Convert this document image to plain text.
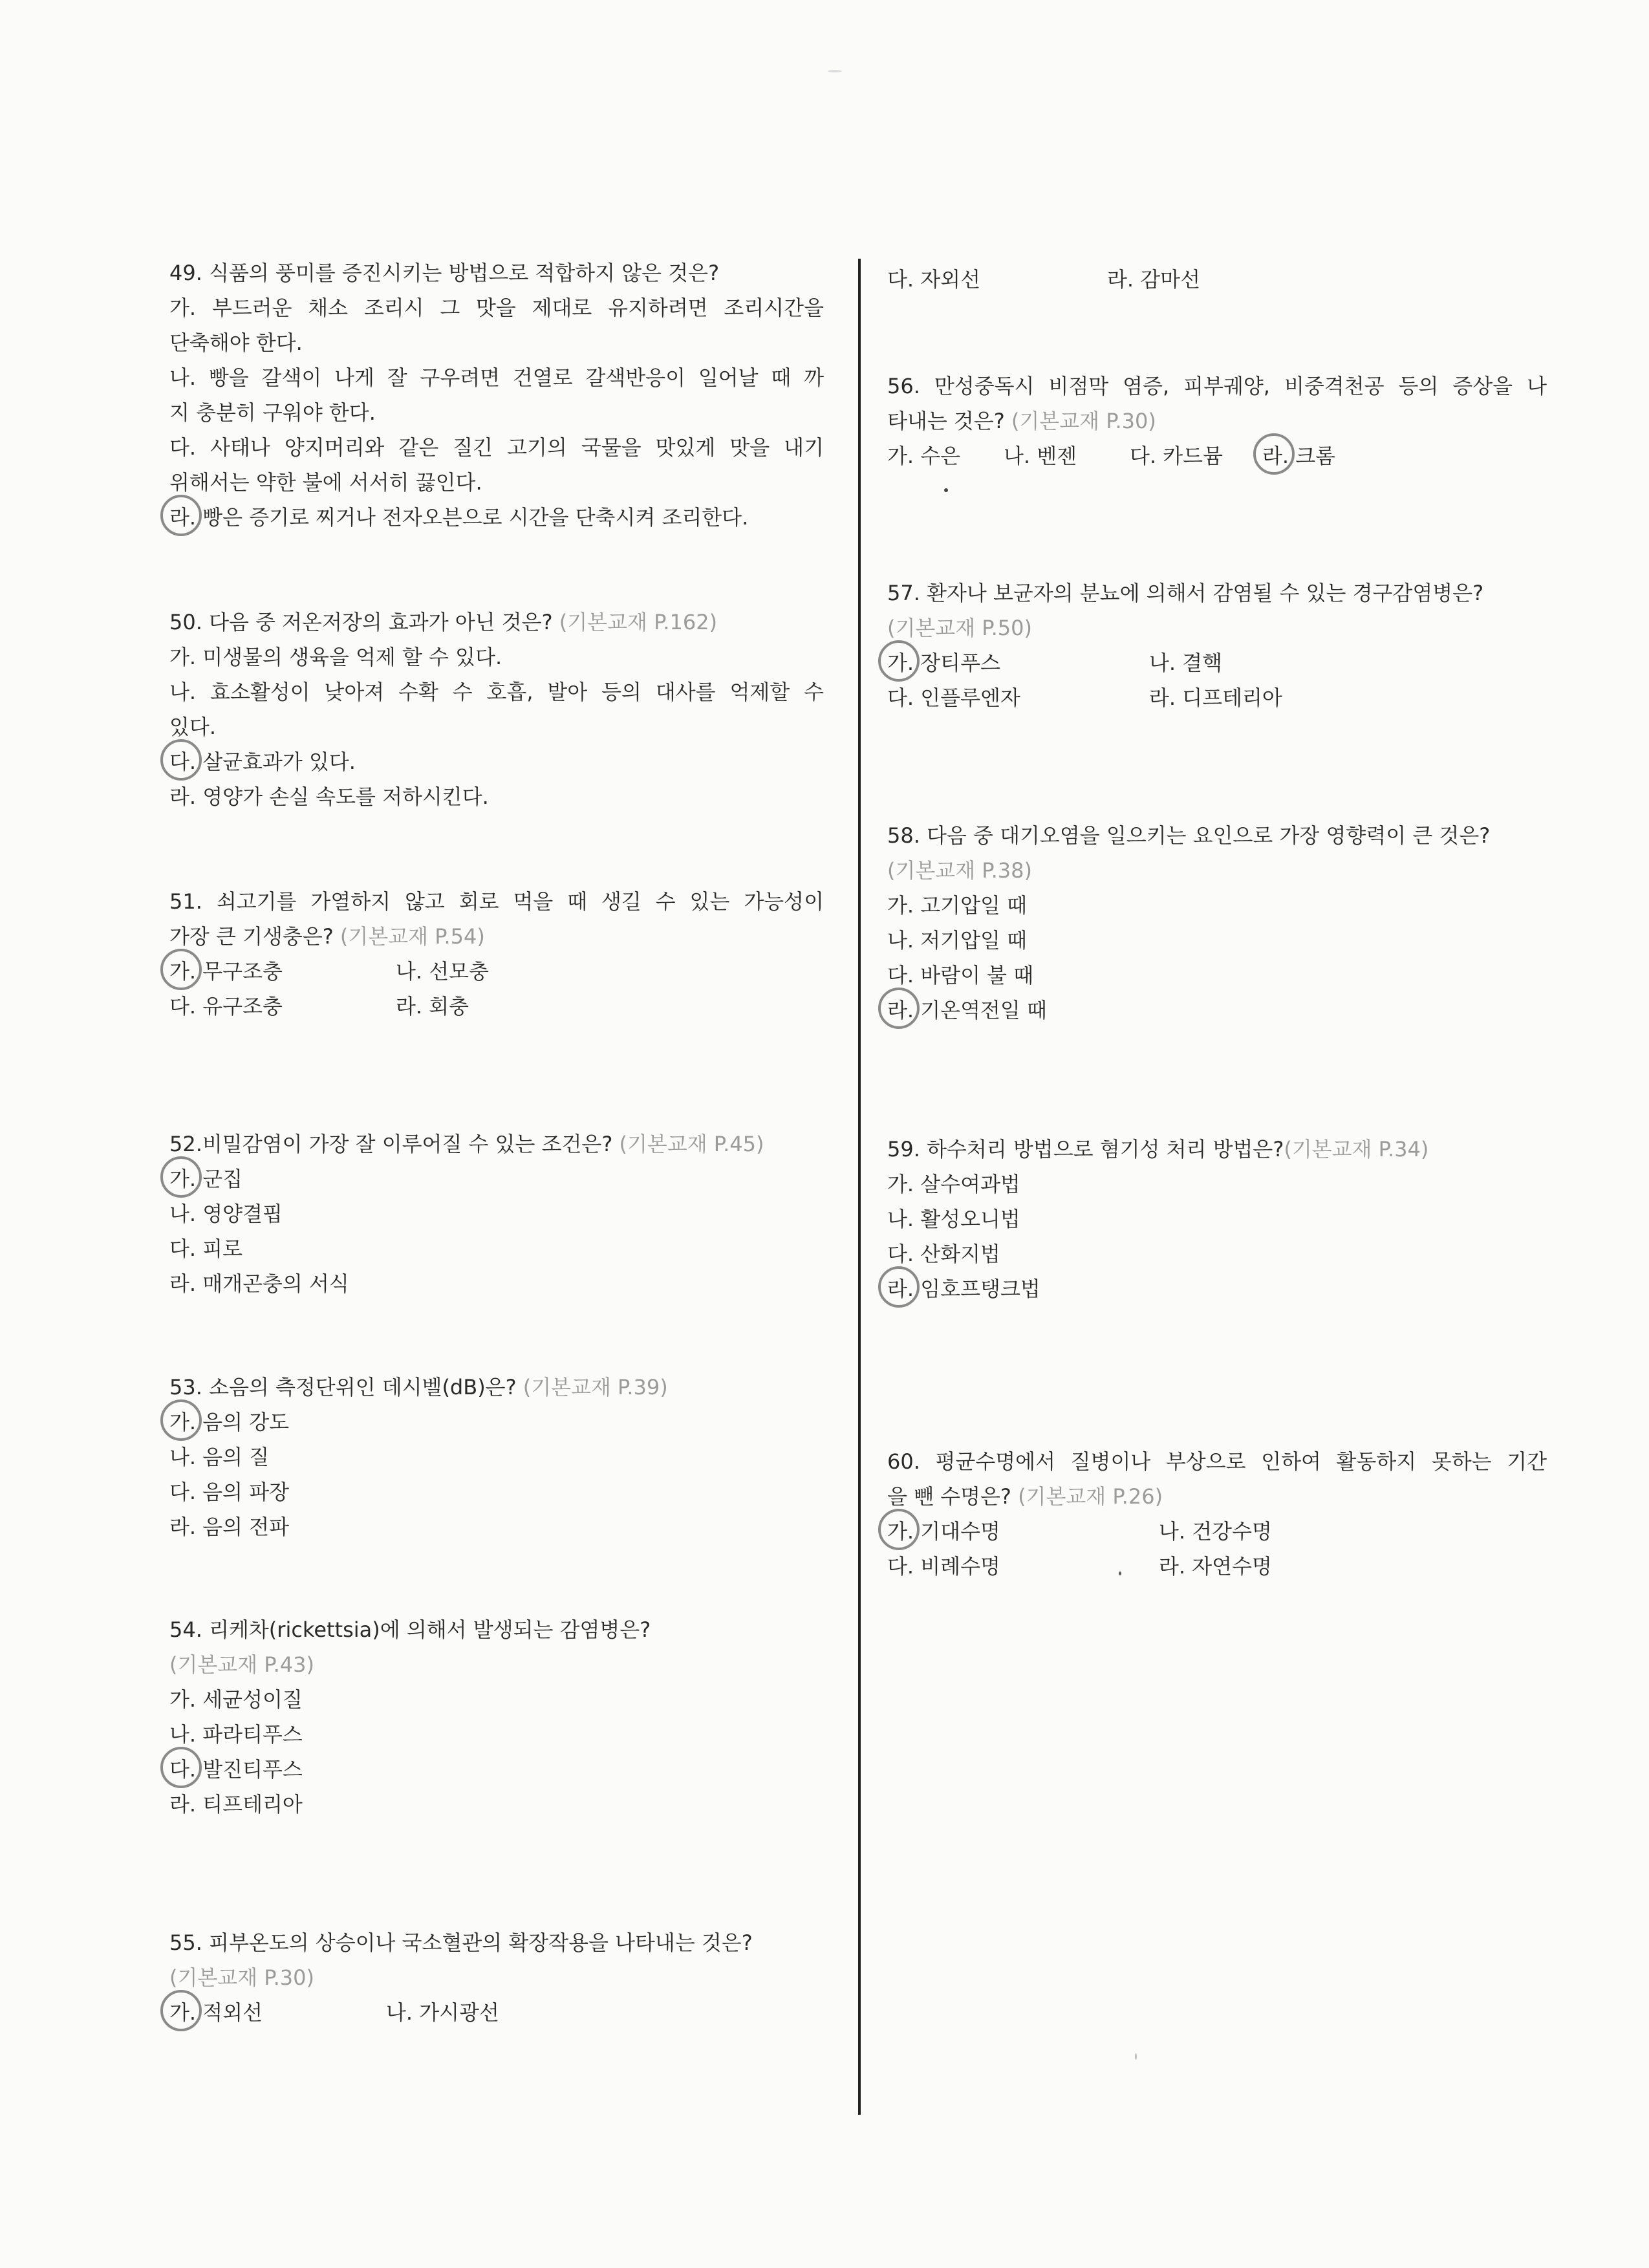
49. 식품의 풍미를 증진시키는 방법으로 적합하지 않은 것은?
가. 부드러운 채소 조리시 그 맛을 제대로 유지하려면 조리시간을
단축해야 한다.
나. 빵을 갈색이 나게 잘 구우려면 건열로 갈색반응이 일어날 때 까
지 충분히 구워야 한다.
다. 사태나 양지머리와 같은 질긴 고기의 국물을 맛있게 맛을 내기
위해서는 약한 불에 서서히 끓인다.
라. 빵은 증기로 찌거나 전자오븐으로 시간을 단축시켜 조리한다.
50. 다음 중 저온저장의 효과가 아닌 것은? (기본교재 P.162)
가. 미생물의 생육을 억제 할 수 있다.
나. 효소활성이 낮아져 수확 수 호흡, 발아 등의 대사를 억제할 수
있다.
다. 살균효과가 있다.
라. 영양가 손실 속도를 저하시킨다.
51. 쇠고기를 가열하지 않고 회로 먹을 때 생길 수 있는 가능성이
가장 큰 기생충은? (기본교재 P.54)
가. 무구조충	나. 선모충
다. 유구조충	라. 회충
52.비밀감염이 가장 잘 이루어질 수 있는 조건은? (기본교재 P.45)
가. 군집
나. 영양결핍
다. 피로
라. 매개곤충의 서식
53. 소음의 측정단위인 데시벨(dB)은? (기본교재 P.39)
가. 음의 강도
나. 음의 질
다. 음의 파장
라. 음의 전파
54. 리케차(rickettsia)에 의해서 발생되는 감염병은?
(기본교재 P.43)
가. 세균성이질
나. 파라티푸스
다. 발진티푸스
라. 티프테리아
55. 피부온도의 상승이나 국소혈관의 확장작용을 나타내는 것은?
(기본교재 P.30)
가. 적외선	나. 가시광선
다. 자외선	라. 감마선
56. 만성중독시 비점막 염증, 피부궤양, 비중격천공 등의 증상을 나
타내는 것은? (기본교재 P.30)
가. 수은 나. 벤젠	다. 카드뮴 라. 크롬
57. 환자나 보균자의 분뇨에 의해서 감염될 수 있는 경구감염병은?
(기본교재 P.50)
가. 장티푸스	나. 결핵
다. 인플루엔자	라. 디프테리아
58. 다음 중 대기오염을 일으키는 요인으로 가장 영향력이 큰 것은?
(기본교재 P.38)
가. 고기압일 때
나. 저기압일 때
다. 바람이 불 때
라. 기온역전일 때
59. 하수처리 방법으로 혐기성 처리 방법은?(기본교재 P.34)
가. 살수여과법
나. 활성오니법
다. 산화지법
라. 임호프탱크법
60. 평균수명에서 질병이나 부상으로 인하여 활동하지 못하는 기간
을 뺀 수명은? (기본교재 P.26)
가. 기대수명	나. 건강수명
다. 비례수명	라. 자연수명
